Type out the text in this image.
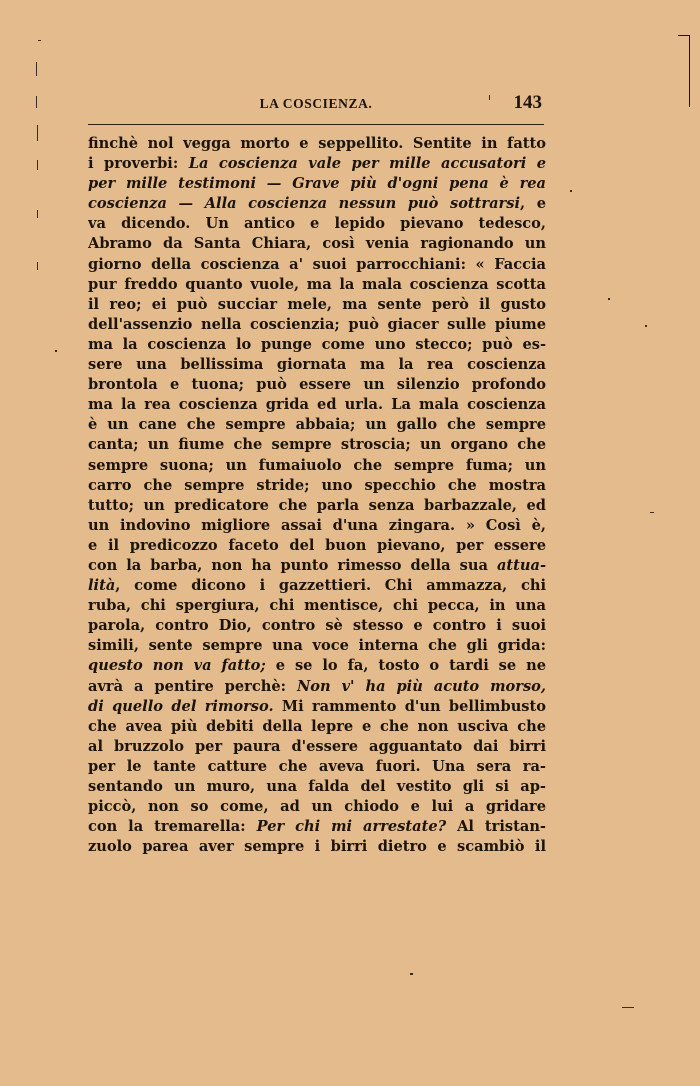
LA COSCIENZA.	143
finchè nol vegga morto e seppellito. Sentite in fatto
i proverbi: La coscienza vale per mille accusatori e
per mille testimoni — Grave più d'ogni pena è rea
coscienza — Alla coscienza nessun può sottrarsi, e
va dicendo. Un antico e lepido pievano tedesco,
Abramo da Santa Chiara, così venia ragionando un
giorno della coscienza a' suoi parrocchiani: « Faccia
pur freddo quanto vuole, ma la mala coscienza scotta
il reo; ei può succiar mele, ma sente però il gusto
dell'assenzio nella coscienzia; può giacer sulle piume
ma la coscienza lo punge come uno stecco; può es-
sere una bellissima giornata ma la rea coscienza
brontola e tuona; può essere un silenzio profondo
ma la rea coscienza grida ed urla. La mala coscienza
è un cane che sempre abbaia; un gallo che sempre
canta; un fiume che sempre stroscia; un organo che
sempre suona; un fumaiuolo che sempre fuma; un
carro che sempre stride; uno specchio che mostra
tutto; un predicatore che parla senza barbazzale, ed
un indovino migliore assai d'una zingara. » Così è,
e il predicozzo faceto del buon pievano, per essere
con la barba, non ha punto rimesso della sua attua-
lità, come dicono i gazzettieri. Chi ammazza, chi
ruba, chi spergiura, chi mentisce, chi pecca, in una
parola, contro Dio, contro sè stesso e contro i suoi
simili, sente sempre una voce interna che gli grida:
questo non va fatto; e se lo fa, tosto o tardi se ne
avrà a pentire perchè: Non v' ha più acuto morso,
di quello del rimorso. Mi rammento d'un bellimbusto
che avea più debiti della lepre e che non usciva che
al bruzzolo per paura d'essere agguantato dai birri
per le tante catture che aveva fuori. Una sera ra-
sentando un muro, una falda del vestito gli si ap-
piccò, non so come, ad un chiodo e lui a gridare
con la tremarella: Per chi mi arrestate? Al tristan-
zuolo parea aver sempre i birri dietro e scambiò il
